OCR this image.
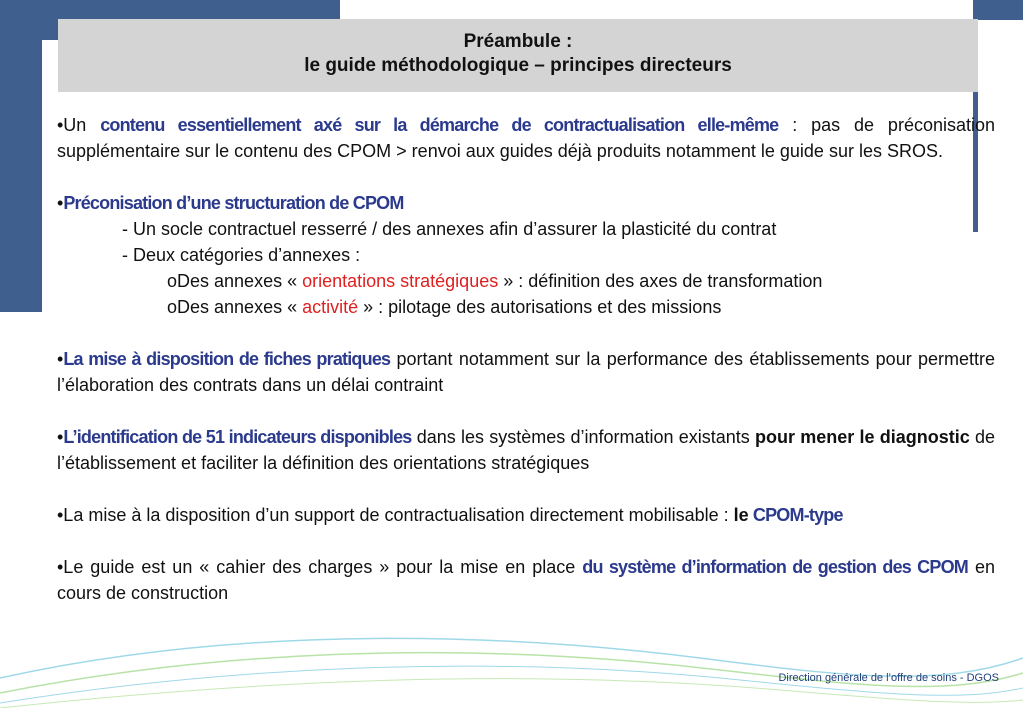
Préambule :
le guide méthodologique – principes directeurs

•Un contenu essentiellement axé sur la démarche de contractualisation elle-même : pas de préconisation supplémentaire sur le contenu des CPOM > renvoi aux guides déjà produits notamment le guide sur les SROS.

•Préconisation d’une structuration de CPOM

- Un socle contractuel resserré / des annexes afin d’assurer la plasticité du contrat

- Deux catégories d’annexes :

oDes annexes « orientations stratégiques » : définition des axes de transformation

oDes annexes « activité » : pilotage des autorisations et des missions

•La mise à disposition de fiches pratiques portant notamment sur la performance des établissements pour permettre l’élaboration des contrats dans un délai contraint

•L’identification de 51 indicateurs disponibles dans les systèmes d’information existants pour mener le diagnostic de l’établissement et faciliter la définition des orientations stratégiques

•La mise à la disposition d’un support de contractualisation directement mobilisable : le CPOM-type

•Le guide est un « cahier des charges » pour la mise en place du système d’information de gestion des CPOM en cours de construction

Direction générale de l’offre de soins - DGOS
